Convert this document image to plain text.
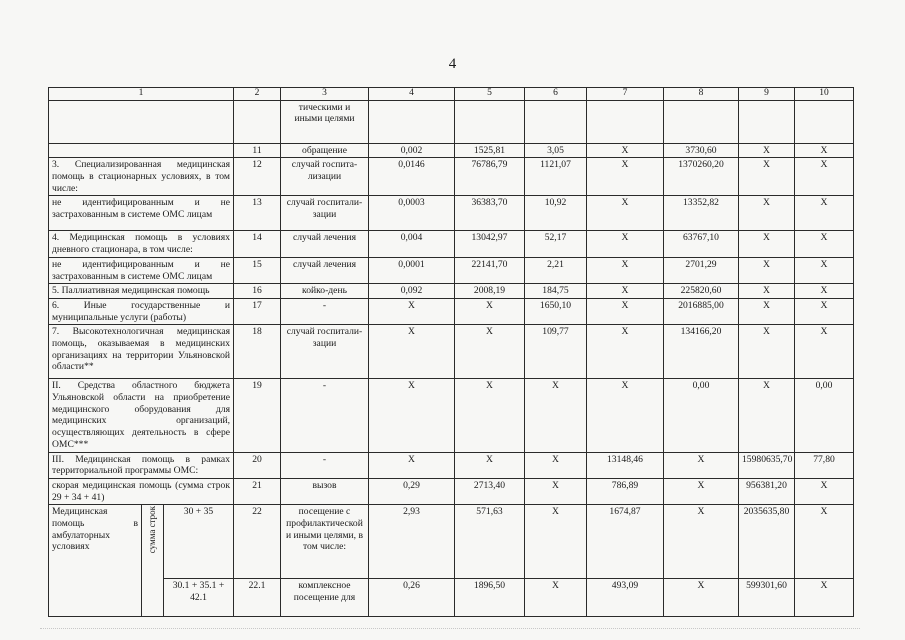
4
1			2	3	4	5	6	7	8	9	10
				тическими и иными целями							
			11	обращение	0,002	1525,81	3,05	X	3730,60	X	X
3. Специализированная медицинская помощь в стационарных условиях, в том числе:			12	случай госпита-лизации	0,0146	76786,79	1121,07	X	1370260,20	X	X
не идентифицированным и не застрахованным в системе ОМС лицам			13	случай госпитали-зации	0,0003	36383,70	10,92	X	13352,82	X	X
4. Медицинская помощь в условиях дневного стационара, в том числе:			14	случай лечения	0,004	13042,97	52,17	X	63767,10	X	X
не идентифицированным и не застрахованным в системе ОМС лицам			15	случай лечения	0,0001	22141,70	2,21	X	2701,29	X	X
5. Паллиативная медицинская помощь			16	койко-день	0,092	2008,19	184,75	X	225820,60	X	X
6. Иные государственные и муниципальные услуги (работы)			17	-	X	X	1650,10	X	2016885,00	X	X
7. Высокотехнологичная медицинская помощь, оказываемая в медицинских организациях на территории Ульяновской области**			18	случай госпитали-зации	X	X	109,77	X	134166,20	X	X
II. Средства областного бюджета Ульяновской области на приобретение медицинского оборудования для медицинских организаций, осуществляющих деятельность в сфере ОМС***			19	-	X	X	X	X	0,00	X	0,00
III. Медицинская помощь в рамках территориальной программы ОМС:			20	-	X	X	X	13148,46	X	15980635,70	77,80
скорая медицинская помощь (сумма строк 29 + 34 + 41)			21	вызов	0,29	2713,40	X	786,89	X	956381,20	X
Медицинская помощь в амбулаторных условиях	сумма строк	30 + 35	22	посещение с профилактической и иными целями, в том числе:	2,93	571,63	X	1674,87	X	2035635,80	X
		30.1 + 35.1 + 42.1	22.1	комплексное посещение для	0,26	1896,50	X	493,09	X	599301,60	X
